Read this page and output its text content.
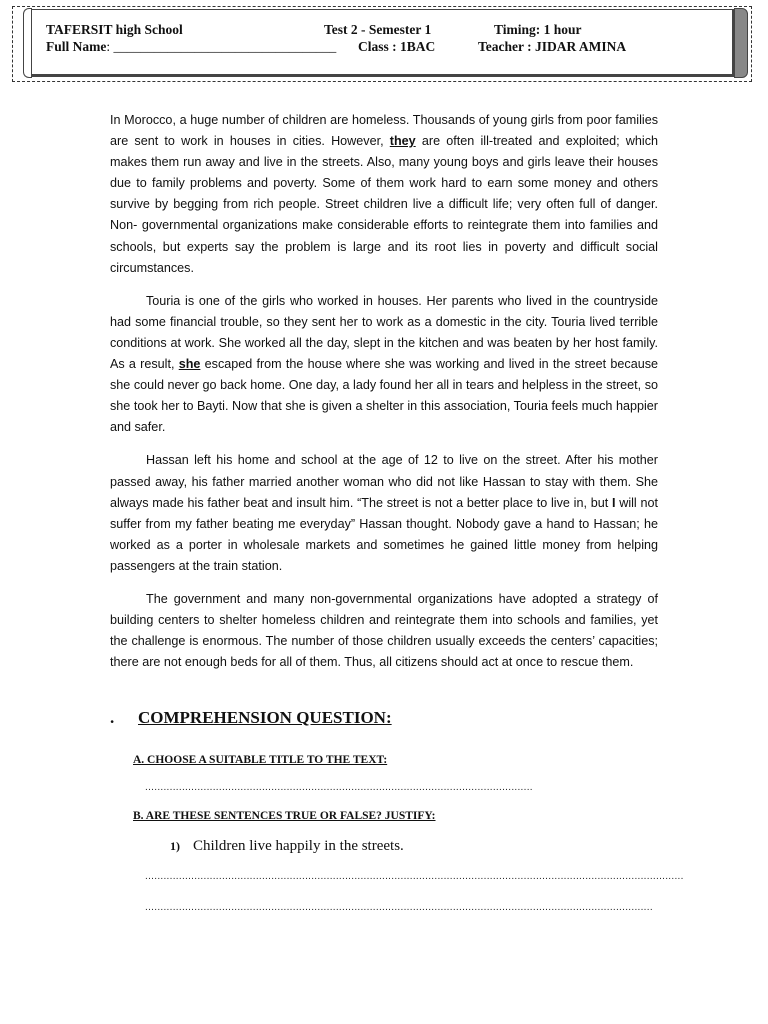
TAFERSIT high School	Test 2 - Semester 1	Timing: 1 hour
Full Name: _________________________________ Class : 1BAC	Teacher : JIDAR AMINA

In Morocco, a huge number of children are homeless. Thousands of young girls from poor families are sent to work in houses in cities. However, they are often ill-treated and exploited; which makes them run away and live in the streets. Also, many young boys and girls leave their houses due to family problems and poverty. Some of them work hard to earn some money and others survive by begging from rich people. Street children live a difficult life; very often full of danger. Non- governmental organizations make considerable efforts to reintegrate them into families and schools, but experts say the problem is large and its root lies in poverty and difficult social circumstances.

Touria is one of the girls who worked in houses. Her parents who lived in the countryside had some financial trouble, so they sent her to work as a domestic in the city. Touria lived terrible conditions at work. She worked all the day, slept in the kitchen and was beaten by her host family. As a result, she escaped from the house where she was working and lived in the street because she could never go back home. One day, a lady found her all in tears and helpless in the street, so she took her to Bayti. Now that she is given a shelter in this association, Touria feels much happier and safer.

Hassan left his home and school at the age of 12 to live on the street. After his mother passed away, his father married another woman who did not like Hassan to stay with them. She always made his father beat and insult him. “The street is not a better place to live in, but I will not suffer from my father beating me everyday” Hassan thought. Nobody gave a hand to Hassan; he worked as a porter in wholesale markets and sometimes he gained little money from helping passengers at the train station.

The government and many non-governmental organizations have adopted a strategy of building centers to shelter homeless children and reintegrate them into schools and families, yet the challenge is enormous. The number of those children usually exceeds the centers’ capacities; there are not enough beds for all of them. Thus, all citizens should act at once to rescue them.

. COMPREHENSION QUESTION:
A. CHOOSE A SUITABLE TITLE TO THE TEXT:
..............................................................................................................................
B. ARE THESE SENTENCES TRUE OR FALSE? JUSTIFY:
1) Children live happily in the streets.
...............................................................................................................................................................................
.....................................................................................................................................................................
